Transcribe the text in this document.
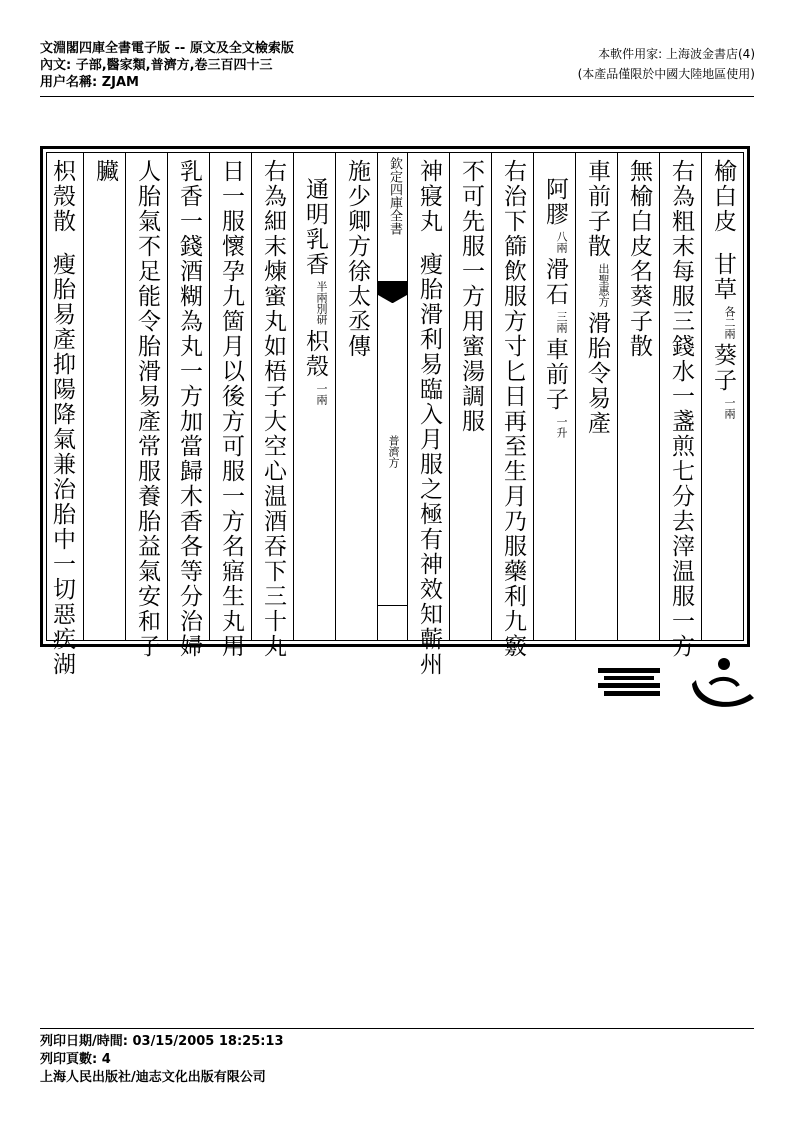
文淵閣四庫全書電子版 -- 原文及全文檢索版
內文: 子部,醫家類,普濟方,卷三百四十三
用户名稱: ZJAM
本軟件用家: 上海波金書店(4)
(本產品僅限於中國大陸地區使用)
欽定四庫全書
普濟方
榆白皮甘草各二兩葵子一兩
右為粗末每服三錢水一盞煎七分去滓温服一方
無榆白皮名葵子散
車前子散出聖惠方滑胎令易產
阿膠八兩滑石三兩車前子一升
右治下篩飲服方寸匕日再至生月乃服藥利九竅
不可先服一方用蜜湯調服
神寢丸瘦胎滑利易臨入月服之極有神效知蘄州
施少卿方徐太丞傳
通明乳香半兩別研枳殼一兩
右為細末煉蜜丸如梧子大空心温酒吞下三十丸
日一服懷孕九箇月以後方可服一方名寤生丸用
乳香一錢酒糊為丸一方加當歸木香各等分治婦
人胎氣不足能令胎滑易產常服養胎益氣安和子
臟
枳殼散瘦胎易產抑陽降氣兼治胎中一切惡疾湖
列印日期/時間: 03/15/2005 18:25:13
列印頁數: 4
上海人民出版社/迪志文化出版有限公司
